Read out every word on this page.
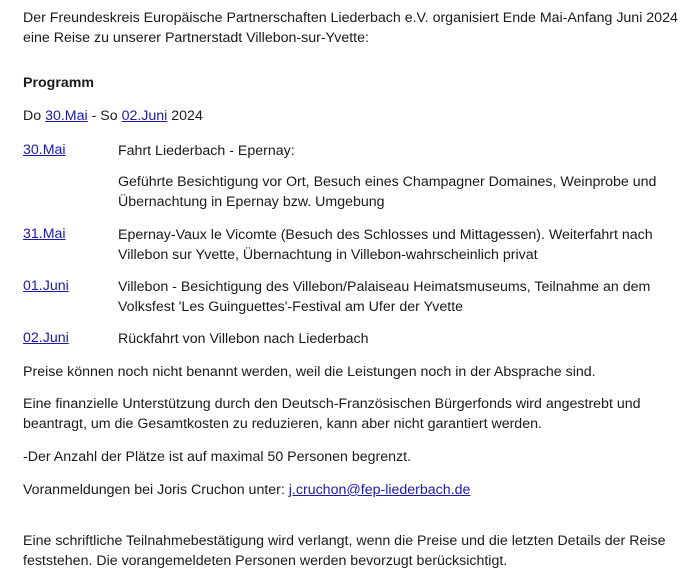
Der Freundeskreis Europäische Partnerschaften Liederbach e.V. organisiert Ende Mai-Anfang Juni 2024 eine Reise zu unserer Partnerstadt Villebon-sur-Yvette:

Programm

Do 30.Mai - So 02.Juni 2024

30.Mai	Fahrt Liederbach - Epernay:

Geführte Besichtigung vor Ort, Besuch eines Champagner Domaines, Weinprobe und Übernachtung in Epernay bzw. Umgebung

31.Mai	Epernay-Vaux le Vicomte (Besuch des Schlosses und Mittagessen). Weiterfahrt nach Villebon sur Yvette, Übernachtung in Villebon-wahrscheinlich privat

01.Juni	Villebon - Besichtigung des Villebon/Palaiseau Heimatsmuseums, Teilnahme an dem Volksfest 'Les Guinguettes'-Festival am Ufer der Yvette

02.Juni	Rückfahrt von Villebon nach Liederbach

Preise können noch nicht benannt werden, weil die Leistungen noch in der Absprache sind.

Eine finanzielle Unterstützung durch den Deutsch-Französischen Bürgerfonds wird angestrebt und beantragt, um die Gesamtkosten zu reduzieren, kann aber nicht garantiert werden.

-Der Anzahl der Plätze ist auf maximal 50 Personen begrenzt.

Voranmeldungen bei Joris Cruchon unter: j.cruchon@fep-liederbach.de

Eine schriftliche Teilnahmebestätigung wird verlangt, wenn die Preise und die letzten Details der Reise feststehen. Die vorangemeldeten Personen werden bevorzugt berücksichtigt.
